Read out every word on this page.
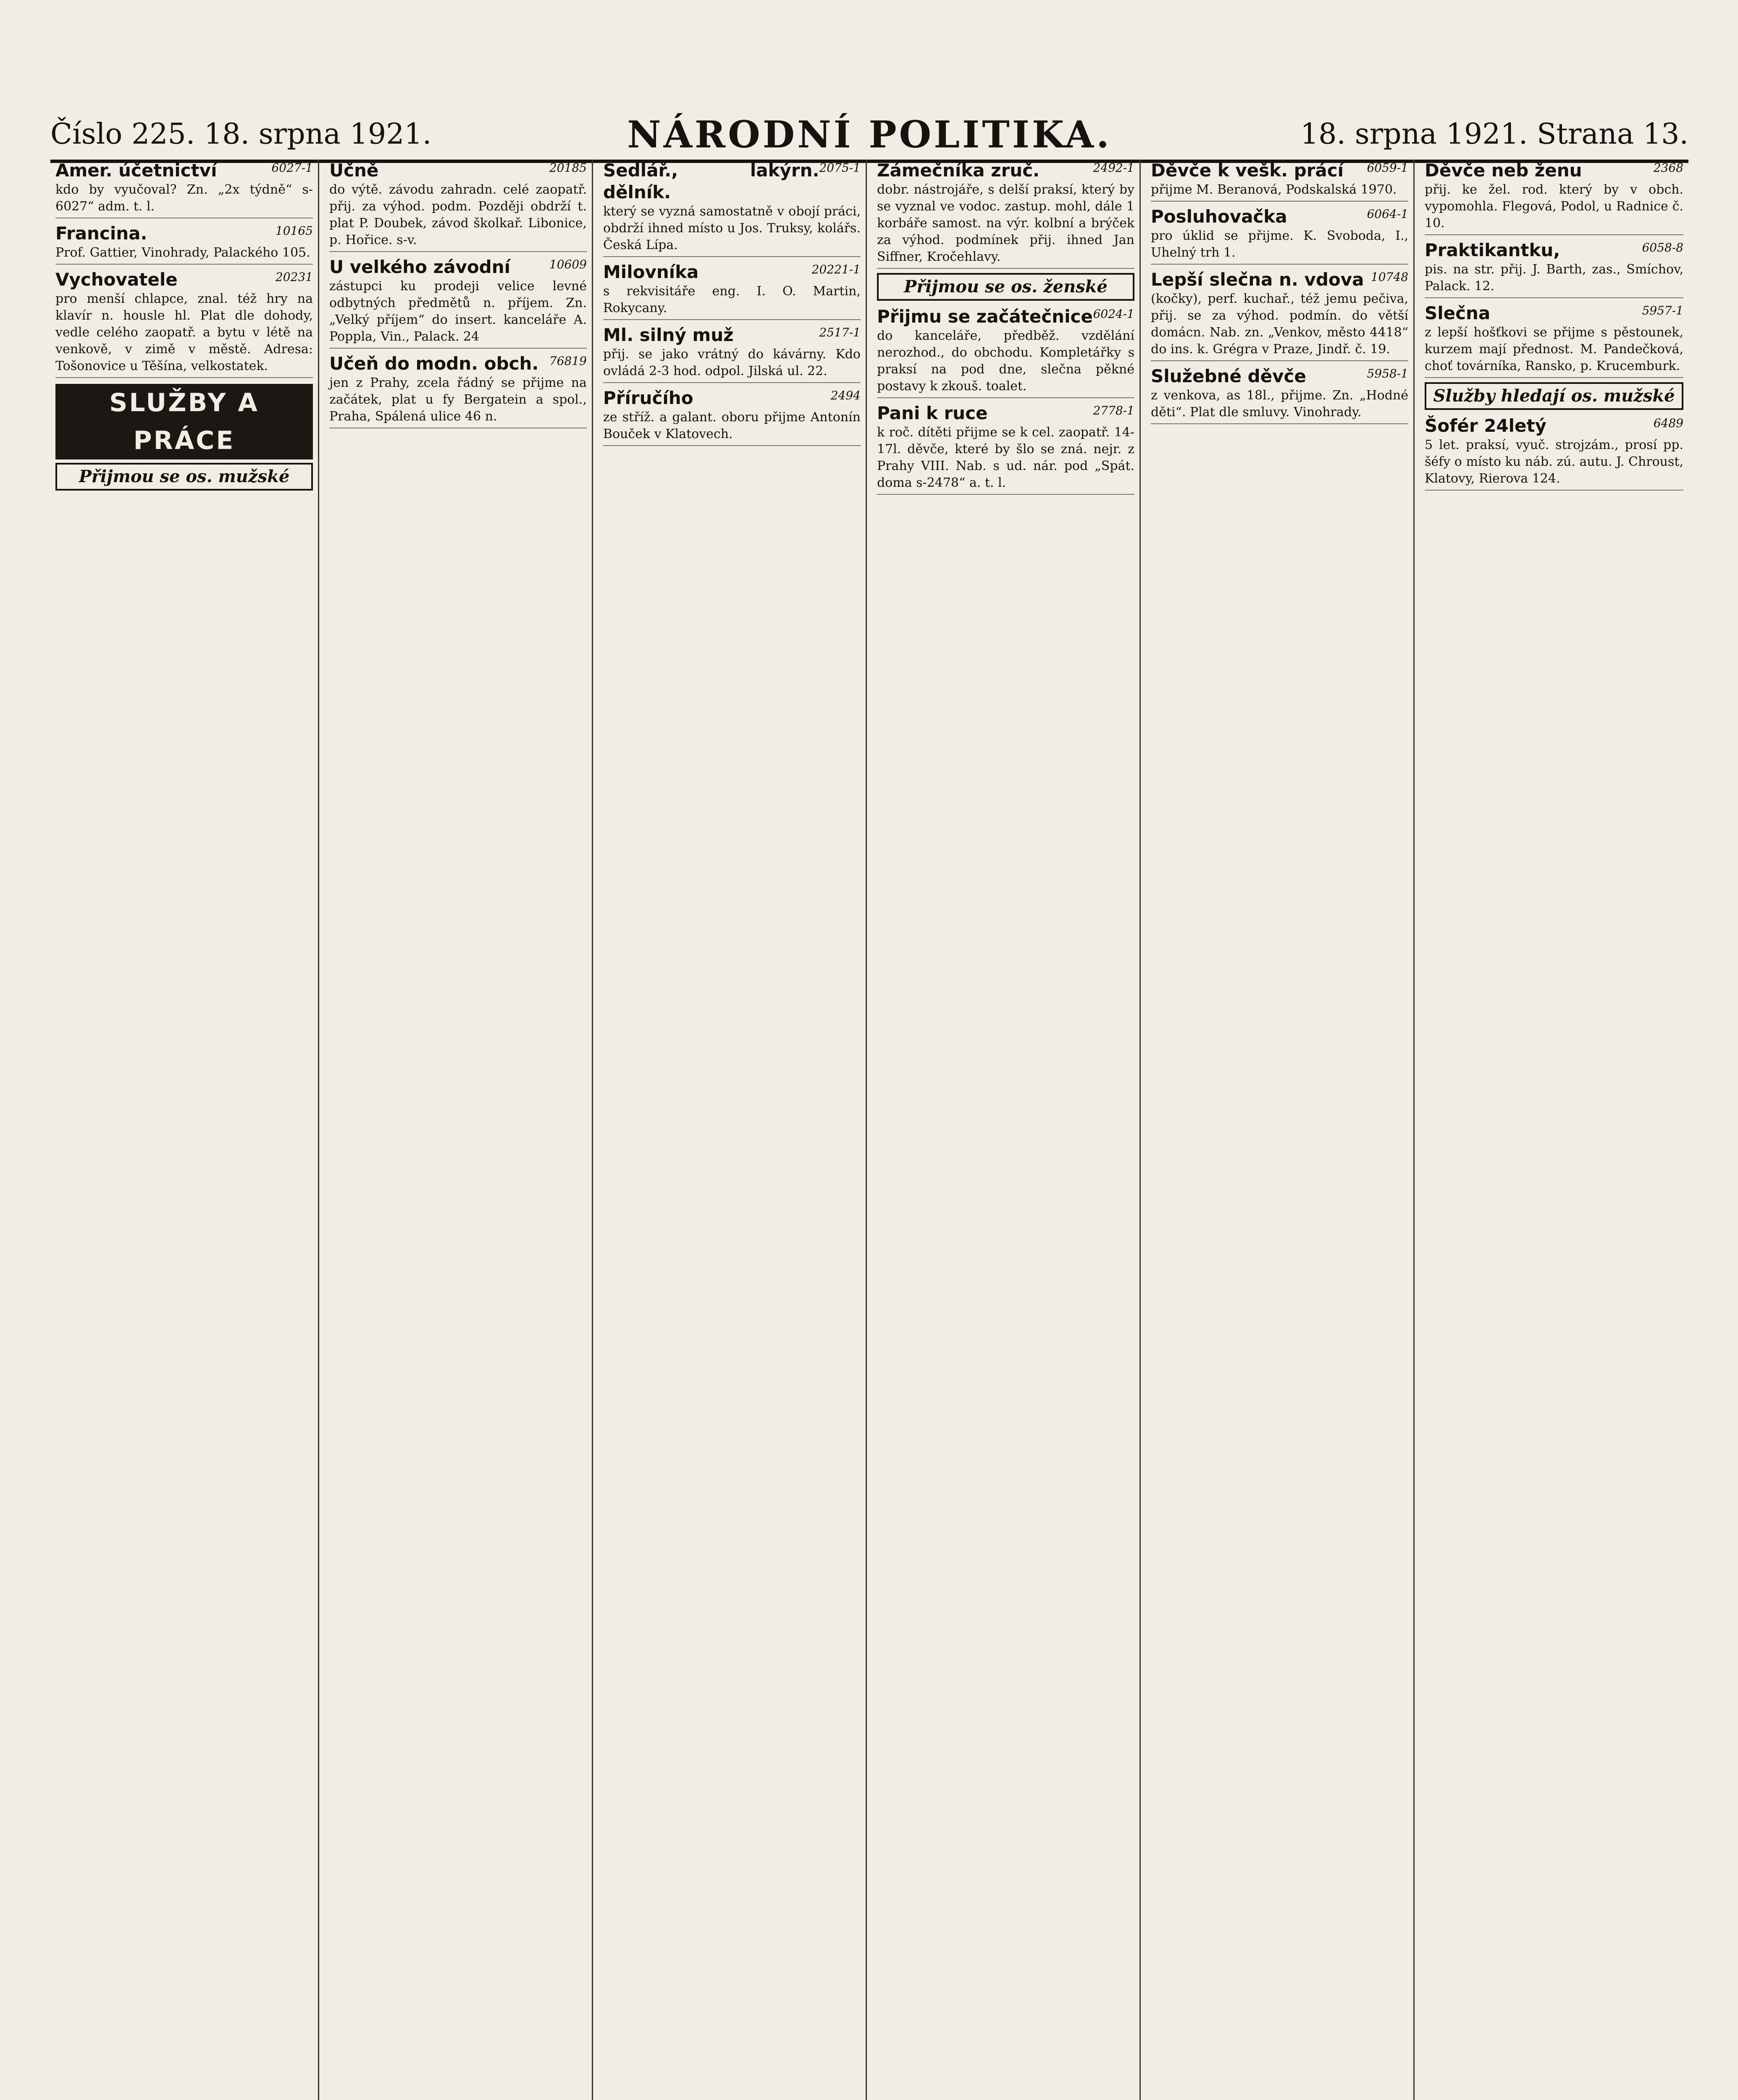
Číslo 225. 18. srpna 1921.	NÁRODNÍ POLITIKA.	18. srpna 1921. Strana 13.
6027-1
Amer. účetnictví
kdo by vyučoval? Zn. „2x týdně“ s-6027“ adm. t. l.
10165
Francina.
Prof. Gattier, Vinohrady, Palackého 105.
20231
Vychovatele
pro menší chlapce, znal. též hry na klavír n. housle hl. Plat dle dohody, vedle celého zaopatř. a bytu v létě na venkově, v zimě v městě. Adresa: Tošonovice u Těšína, velkostatek.
SLUŽBY A PRÁCE
Přijmou se os. mužské
20185
Učně
do výtě. závodu zahradn. celé zaopatř. přij. za výhod. podm. Později obdrží t. plat P. Doubek, závod školkař. Libonice, p. Hořice. s-v.
10609
U velkého závodní
zástupci ku prodeji velice levné odbytných předmětů n. příjem. Zn. „Velký příjem“ do insert. kanceláře A. Poppla, Vin., Palack. 24
76819
Učeň do modn. obch.
jen z Prahy, zcela řádný se přijme na začátek, plat u fy Bergatein a spol., Praha, Spálená ulice 46 n.
2075-1
Sedlář., lakýrn. dělník.
který se vyzná samostatně v obojí práci, obdrží ihned místo u Jos. Truksy, kolářs. Česká Lípa.
20221-1
Milovníka
s rekvisitáře eng. I. O. Martin, Rokycany.
2517-1
Ml. silný muž
přij. se jako vrátný do kávárny. Kdo ovládá 2-3 hod. odpol. Jilská ul. 22.
2494
Příručího
ze stříž. a galant. oboru přijme Antonín Bouček v Klatovech.
2492-1
Zámečníka zruč.
dobr. nástrojáře, s delší praksí, který by se vyznal ve vodoc. zastup. mohl, dále 1 korbáře samost. na výr. kolbní a brýček za výhod. podmínek přij. ihned Jan Siffner, Kročehlavy.
Přijmou se os. ženské
6024-1
Přijmu se začátečnice
do kanceláře, předběž. vzdělání nerozhod., do obchodu. Kompletářky s praksí na pod dne, slečna pěkné postavy k zkouš. toalet.
2778-1
Pani k ruce
k roč. dítěti přijme se k cel. zaopatř. 14-17l. děvče, které by šlo se zná. nejr. z Prahy VIII. Nab. s ud. nár. pod „Spát. doma s-2478“ a. t. l.
6059-1
Děvče k vešk. prácí
přijme M. Beranová, Podskalská 1970.
6064-1
Posluhovačka
pro úklid se přijme. K. Svoboda, I., Uhelný trh 1.
10748
Lepší slečna n. vdova
(kočky), perf. kuchař., též jemu pečiva, přij. se za výhod. podmín. do větší domácn. Nab. zn. „Venkov, město 4418“ do ins. k. Grégra v Praze, Jindř. č. 19.
5958-1
Služebné děvče
z venkova, as 18l., přijme. Zn. „Hodné děti“. Plat dle smluvy. Vinohrady.
2368
Děvče neb ženu
přij. ke žel. rod. který by v obch. vypomohla. Flegová, Podol, u Radnice č. 10.
6058-8
Praktikantku,
pis. na str. přij. J. Barth, zas., Smíchov, Palack. 12.
5957-1
Slečna
z lepší hošťkovi se přijme s pěstounek, kurzem mají přednost. M. Pandečková, choť továrníka, Ransko, p. Krucemburk.
Služby hledají os. mužské
6489
Šofér 24letý
5 let. praksí, vyuč. strojzám., prosí pp. šéfy o místo ku náb. zú. autu. J. Chroust, Klatovy, Rierova 124.
